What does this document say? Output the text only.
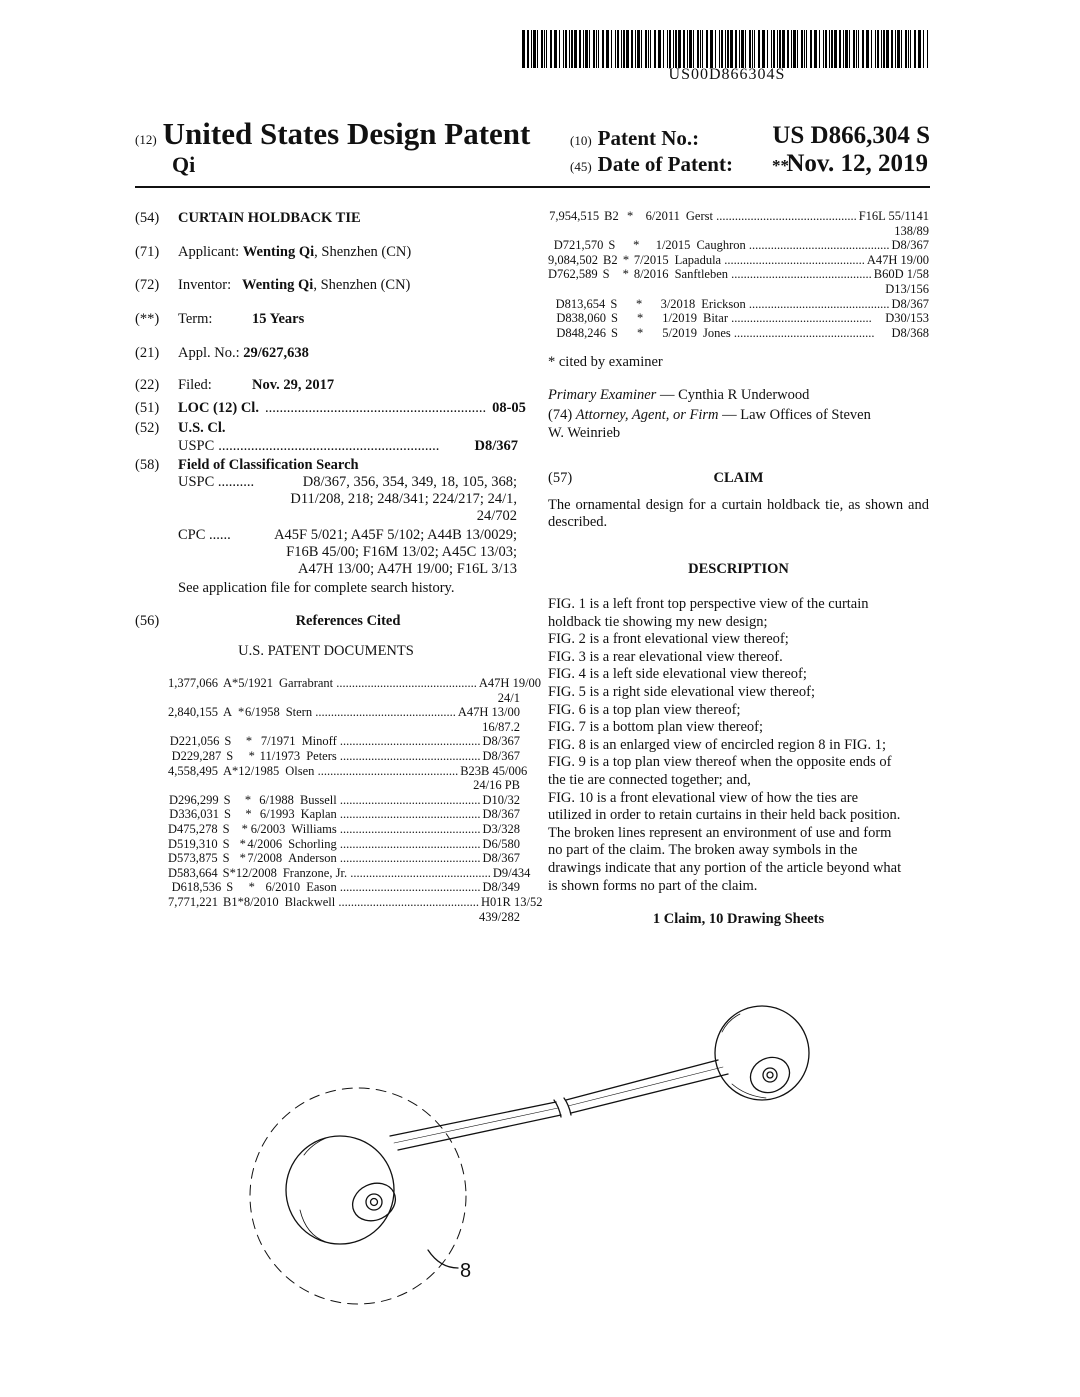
US00D866304S
(12) United States Design Patent
Qi
(10) Patent No.:	US D866,304 S
(45) Date of Patent: **
Nov. 12, 2019
(54) CURTAIN HOLDBACK TIE
(71) Applicant: Wenting Qi, Shenzhen (CN)
(72) Inventor: Wenting Qi, Shenzhen (CN)
(**) Term:	15 Years
(21) Appl. No.: 29/627,638
(22) Filed:	Nov. 29, 2017
(51) LOC (12) Cl. .....	08-05
(52) U.S. Cl.
USPC .....	D8/367
(58) Field of Classification Search
USPC ..........	D8/367, 356, 354, 349, 18, 105, 368;
D11/208, 218; 248/341; 224/217; 24/1,
24/702
CPC ......	A45F 5/021; A45F 5/102; A44B 13/0029;
F16B 45/00; F16M 13/02; A45C 13/03;
A47H 13/00; A47H 19/00; F16L 3/13
See application file for complete search history.
(56)	References Cited
U.S. PATENT DOCUMENTS
1,377,066 A * 5/1921 Garrabrant ............................................. A47H 19/00
24/1
2,840,155 A * 6/1958 Stern ............................................. A47H 13/00
16/87.2
D221,056 S	* 7/1971 Minoff ............................................. D8/367
D229,287 S	* 11/1973 Peters ............................................. D8/367
4,558,495 A * 12/1985 Olsen ............................................. B23B 45/006
24/16 PB
D296,299 S	* 6/1988 Bussell ............................................. D10/32
D336,031 S	* 6/1993 Kaplan ............................................. D8/367
D475,278 S * 6/2003 Williams ............................................. D3/328
D519,310 S * 4/2006 Schorling ............................................. D6/580
D573,875 S * 7/2008 Anderson ............................................. D8/367
D583,664 S * 12/2008 Franzone, Jr. ............................................. D9/434
D618,536 S	* 6/2010 Eason ............................................. D8/349
7,771,221 B1 * 8/2010 Blackwell ............................................. H01R 13/52
439/282
7,954,515 B2 * 6/2011 Gerst ............................................. F16L 55/1141
138/89
D721,570 S	*	1/2015 Caughron ............................................. D8/367
9,084,502 B2 * 7/2015 Lapadula ............................................. A47H 19/00
D762,589 S	* 8/2016 Sanftleben ............................................. B60D 1/58
D13/156
D813,654 S	*	3/2018 Erickson ............................................. D8/367
D838,060 S	*	1/2019 Bitar .............................................	D30/153
D848,246 S	*	5/2019 Jones .............................................	D8/368
* cited by examiner
Primary Examiner — Cynthia R Underwood
(74) Attorney, Agent, or Firm — Law Offices of Steven
W. Weinrieb
(57)	CLAIM
The ornamental design for a curtain holdback tie, as shown and described.
DESCRIPTION
FIG. 1 is a left front top perspective view of the curtain
holdback tie showing my new design;
FIG. 2 is a front elevational view thereof;
FIG. 3 is a rear elevational view thereof.
FIG. 4 is a left side elevational view thereof;
FIG. 5 is a right side elevational view thereof;
FIG. 6 is a top plan view thereof;
FIG. 7 is a bottom plan view thereof;
FIG. 8 is an enlarged view of encircled region 8 in FIG. 1;
FIG. 9 is a top plan view thereof when the opposite ends of
the tie are connected together; and,
FIG. 10 is a front elevational view of how the ties are
utilized in order to retain curtains in their held back position.
The broken lines represent an environment of use and form
no part of the claim. The broken away symbols in the
drawings indicate that any portion of the article beyond what
is shown forms no part of the claim.
1 Claim, 10 Drawing Sheets
8
